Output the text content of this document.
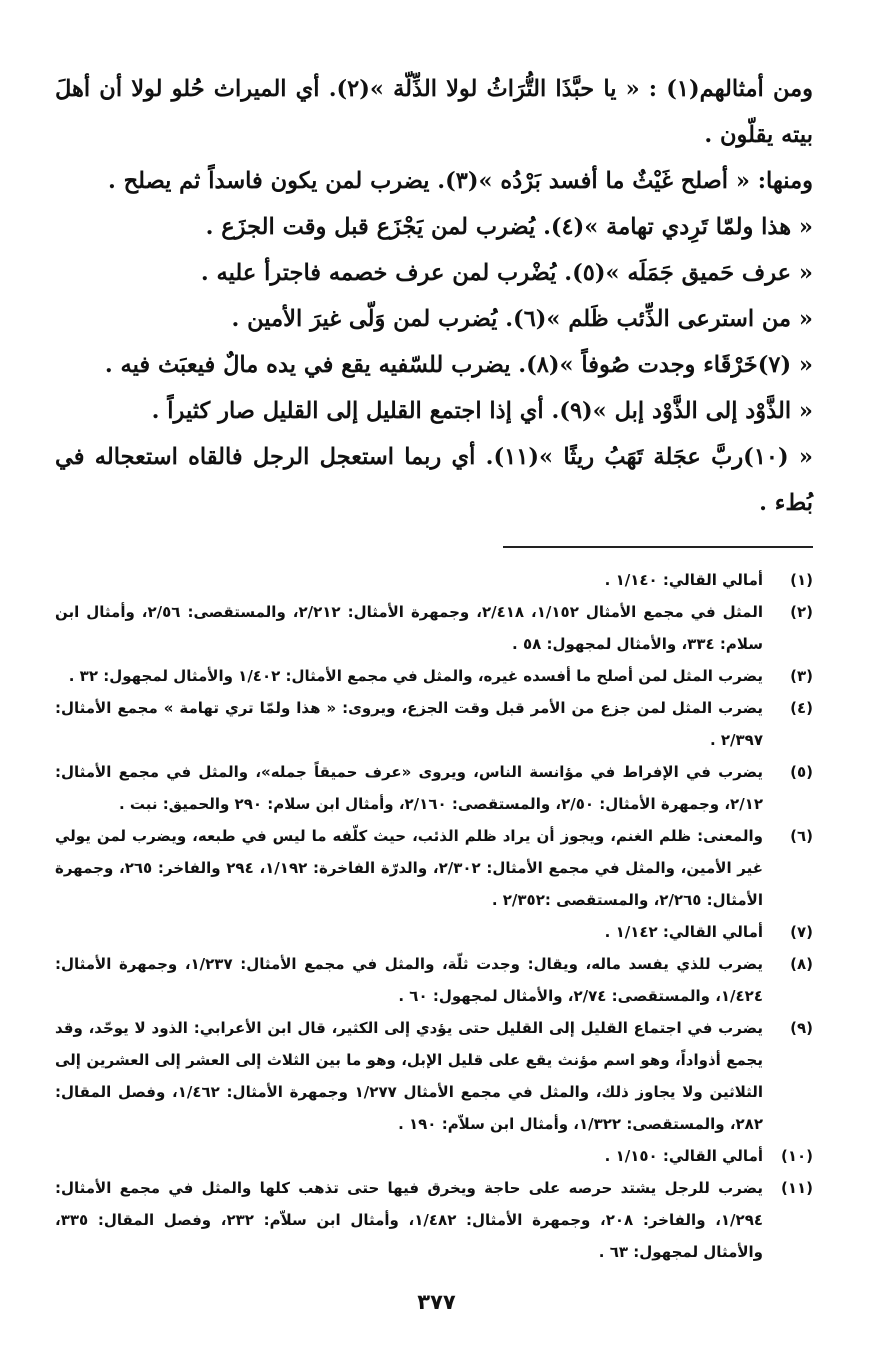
ومن أمثالهم(١) : « يا حبَّذَا التُّرَاثُ لولا الذِّلّة »(٢). أي الميراث حُلو لولا أن أهلَ بيته يقلّون .

ومنها: « أصلح غَيْثٌ ما أفسد بَرْدُه »(٣). يضرب لمن يكون فاسداً ثم يصلح .

« هذا ولمّا تَرِدي تهامة »(٤). يُضرب لمن يَجْزَع قبل وقت الجزَع .

« عرف حَميق جَمَلَه »(٥). يُضْرب لمن عرف خصمه فاجترأ عليه .

« من استرعى الذِّئب ظَلم »(٦). يُضرب لمن وَلّى غيرَ الأمين .

« (٧)خَرْقَاء وجدت صُوفاً »(٨). يضرب للسّفيه يقع في يده مالٌ فيعبَث فيه .

« الذَّوْد إلى الذَّوْد إبل »(٩). أي إذا اجتمع القليل إلى القليل صار كثيراً .

« (١٠)ربَّ عجَلة تَهَبُ ريثًا »(١١). أي ربما استعجل الرجل فالقاه استعجاله في بُطء .

(١)
أمالي القالي: ١/١٤٠ .
(٢)
المثل في مجمع الأمثال ١/١٥٢، ٢/٤١٨، وجمهرة الأمثال: ٢/٢١٢، والمستقصى: ٢/٥٦، وأمثال ابن سلام: ٣٣٤، والأمثال لمجهول: ٥٨ .
(٣)
يضرب المثل لمن أصلح ما أفسده غيره، والمثل في مجمع الأمثال: ١/٤٠٢ والأمثال لمجهول: ٣٢ .
(٤)
يضرب المثل لمن جزع من الأمر قبل وقت الجزع، ويروى: « هذا ولمّا تري تهامة » مجمع الأمثال: ٢/٣٩٧ .
(٥)
يضرب في الإفراط في مؤانسة الناس، ويروى «عرف حميقاً جمله»، والمثل في مجمع الأمثال: ٢/١٢، وجمهرة الأمثال: ٢/٥٠، والمستقصى: ٢/١٦٠، وأمثال ابن سلام: ٢٩٠ والحميق: نبت .
(٦)
والمعنى: ظلم الغنم، ويجوز أن يراد ظلم الذئب، حيث كلّفه ما ليس في طبعه، ويضرب لمن يولي غير الأمين، والمثل في مجمع الأمثال: ٢/٣٠٢، والدرّة الفاخرة: ١/١٩٢، ٢٩٤ والفاخر: ٢٦٥، وجمهرة الأمثال: ٢/٢٦٥، والمستقصى :٢/٣٥٢ .
(٧)
أمالي القالي: ١/١٤٢ .
(٨)
يضرب للذي يفسد ماله، ويقال: وجدت ثلّة، والمثل في مجمع الأمثال: ١/٢٣٧، وجمهرة الأمثال: ١/٤٢٤، والمستقصى: ٢/٧٤، والأمثال لمجهول: ٦٠ .
(٩)
يضرب في اجتماع القليل إلى القليل حتى يؤدي إلى الكثير، قال ابن الأعرابي: الذود لا يوحّد، وقد يجمع أذواداً، وهو اسم مؤنث يقع على قليل الإبل، وهو ما بين الثلاث إلى العشر إلى العشرين إلى الثلاثين ولا يجاوز ذلك، والمثل في مجمع الأمثال ١/٢٧٧ وجمهرة الأمثال: ١/٤٦٢، وفصل المقال: ٢٨٢، والمستقصى: ١/٣٢٢، وأمثال ابن سلاّم: ١٩٠ .
(١٠)
أمالي القالي: ١/١٥٠ .
(١١)
يضرب للرجل يشتد حرصه على حاجة ويخرق فيها حتى تذهب كلها والمثل في مجمع الأمثال: ١/٢٩٤، والفاخر: ٢٠٨، وجمهرة الأمثال: ١/٤٨٢، وأمثال ابن سلاّم: ٢٣٢، وفصل المقال: ٣٣٥، والأمثال لمجهول: ٦٣ .
٣٧٧
